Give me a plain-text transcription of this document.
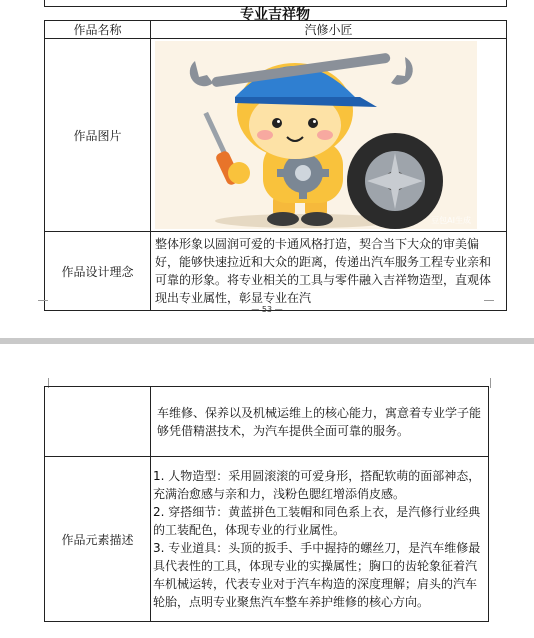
专业吉祥物
作品名称	汽修小匠
作品图片	豆包AI生成

作品设计理念	整体形象以圆润可爱的卡通风格打造，契合当下大众的审美偏好，能够快速拉近和大众的距离，传递出汽车服务工程专业亲和可靠的形象。将专业相关的工具与零件融入吉祥物造型，直观体现出专业属性，彰显专业在汽
— 53 —
	车维修、保养以及机械运维上的核心能力，寓意着专业学子能够凭借精湛技术，为汽车提供全面可靠的服务。
作品元素描述	1. 人物造型：采用圆滚滚的可爱身形，搭配软萌的面部神态，充满治愈感与亲和力，浅粉色腮红增添俏皮感。
2. 穿搭细节：黄蓝拼色工装帽和同色系上衣，是汽修行业经典的工装配色，体现专业的行业属性。
3. 专业道具：头顶的扳手、手中握持的螺丝刀，是汽车维修最具代表性的工具，体现专业的实操属性；胸口的齿轮象征着汽车机械运转，代表专业对于汽车构造的深度理解；肩头的汽车轮胎，点明专业聚焦汽车整车养护维修的核心方向。
